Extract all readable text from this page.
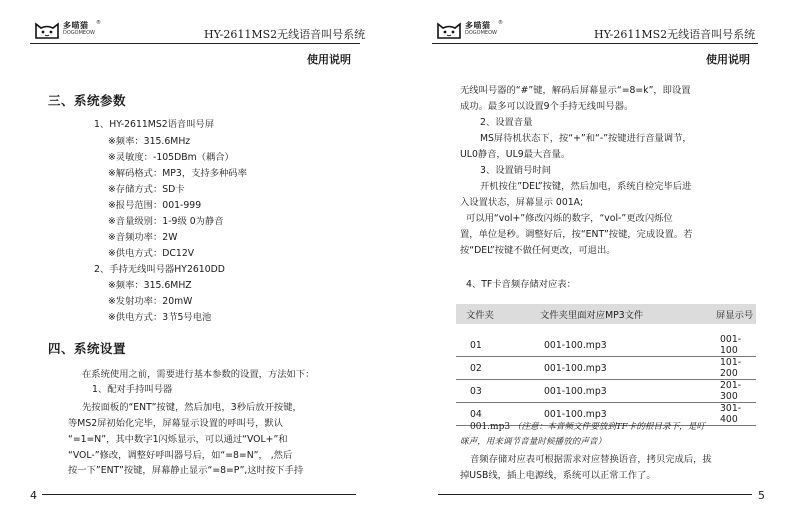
多喵猫
DOGOMEOW
®
HY-2611MS2无线语音叫号系统
使用说明
三、系统参数
1、HY-2611MS2语音叫号屏
※频率：315.6MHz
※灵敏度：-105DBm（耦合）
※解码格式：MP3，支持多种码率
※存储方式：SD卡
※报号范围：001-999
※音量级别：1-9级 0为静音
※音频功率：2W
※供电方式：DC12V
2、手持无线叫号器HY2610DD
※频率：315.6MHZ
※发射功率：20mW
※供电方式：3节5号电池
四、系统设置
在系统使用之前，需要进行基本参数的设置，方法如下：
1、配对手持叫号器
先按面板的“ENT”按键，然后加电，3秒后放开按键，
等MS2屏初始化完毕，屏幕显示设置的呼叫号，默认
“=1=N”，其中数字1闪烁显示，可以通过“VOL+”和
“VOL-”修改，调整好呼叫器号后，如“=8=N”， ,然后
按一下”ENT”按键，屏幕静止显示“=8=P”,这时按下手持
4
多喵猫
DOGOMEOW
®
HY-2611MS2无线语音叫号系统
使用说明
无线叫号器的“#”键，解码后屏幕显示“=8=k”，即设置
成功。最多可以设置9个手持无线叫号器。
2、设置音量
MS屏待机状态下，按“+”和“-”按键进行音量调节，
UL0静音，UL9最大音量。
3、设置销号时间
开机按住”DEL”按键，然后加电，系统自检完毕后进
入设置状态，屏幕显示 001A;
可以用“vol+”修改闪烁的数字，“vol-”更改闪烁位
置，单位是秒。调整好后，按“ENT”按键，完成设置。若
按“DEL”按键不做任何更改，可退出。
4、TF卡音频存储对应表：
文件夹	文件夹里面对应MP3文件	屏显示号

01	001-100.mp3	001-100
02	001-100.mp3	101-200
03	001-100.mp3	201-300
04	001-100.mp3	301-400
001.mp3 （注意：本音频文件要放到TF卡的根目录下，是叮
咪声，用来调节音量时候播放的声音）
音频存储对应表可根据需求对应替换语音，拷贝完成后，拔
掉USB线，插上电源线，系统可以正常工作了。
5
